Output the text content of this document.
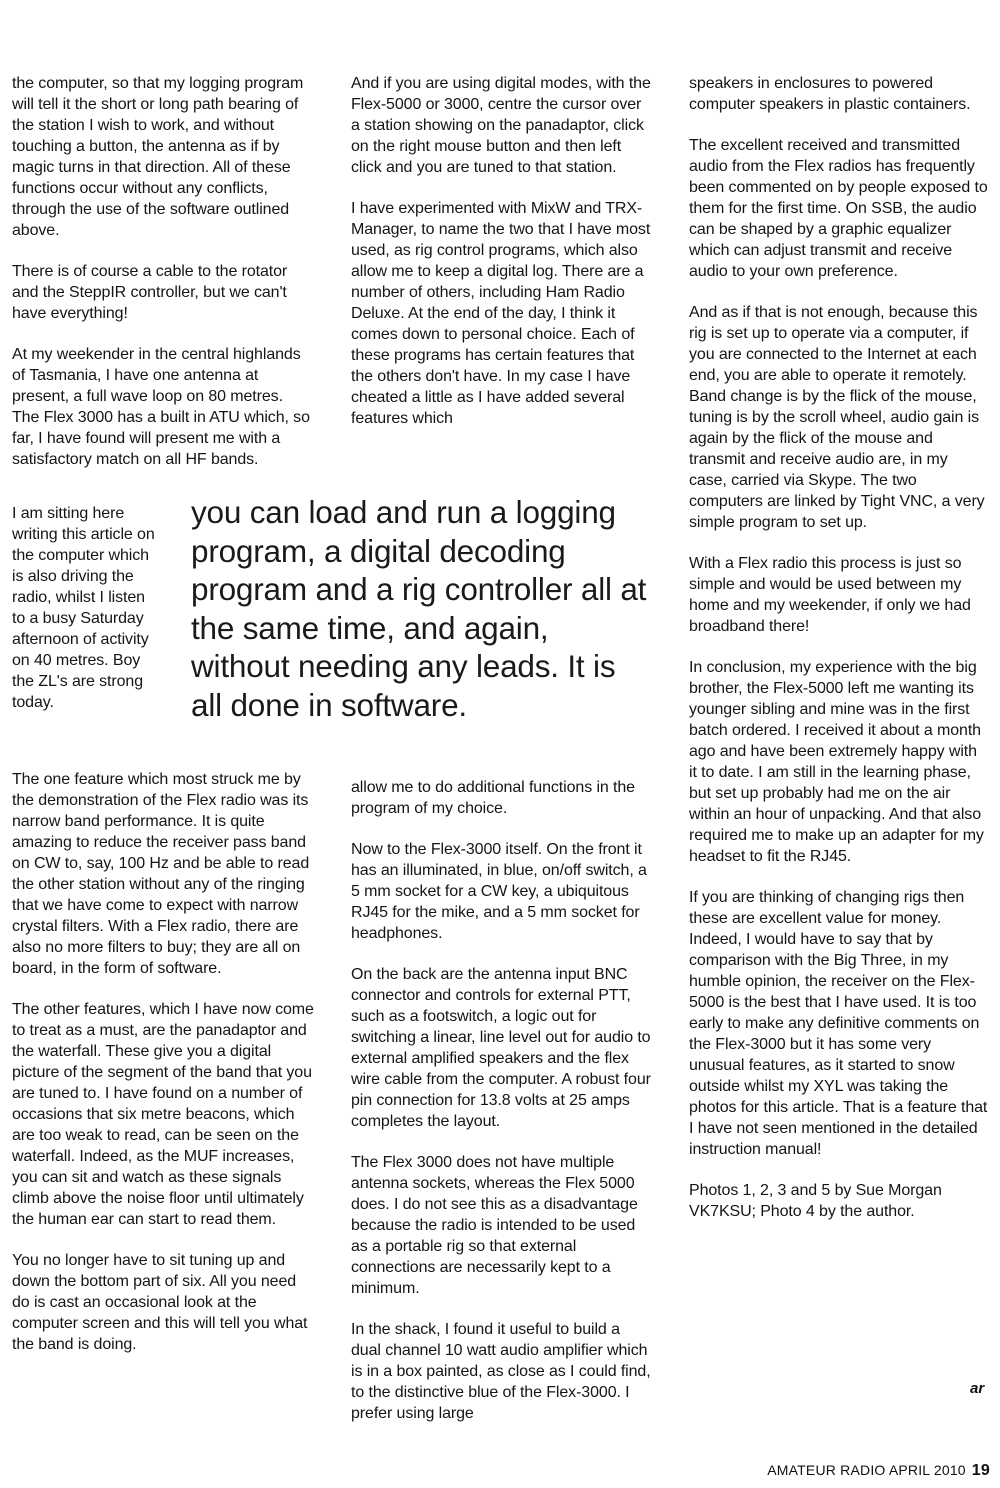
the computer, so that my logging program will tell it the short or long path bearing of the station I wish to work, and without touching a button, the antenna as if by magic turns in that direction. All of these functions occur without any conflicts, through the use of the software outlined above.

There is of course a cable to the rotator and the SteppIR controller, but we can't have everything!

At my weekender in the central highlands of Tasmania, I have one antenna at present, a full wave loop on 80 metres. The Flex 3000 has a built in ATU which, so far, I have found will present me with a satisfactory match on all HF bands.

I am sitting here writing this article on the computer which is also driving the radio, whilst I listen to a busy Saturday afternoon of activity on 40 metres. Boy the ZL's are strong today.

And if you are using digital modes, with the Flex-5000 or 3000, centre the cursor over a station showing on the panadaptor, click on the right mouse button and then left click and you are tuned to that station.

I have experimented with MixW and TRX-Manager, to name the two that I have most used, as rig control programs, which also allow me to keep a digital log. There are a number of others, including Ham Radio Deluxe. At the end of the day, I think it comes down to personal choice. Each of these programs has certain features that the others don't have. In my case I have cheated a little as I have added several features which

you can load and run a logging program, a digital decoding program and a rig controller all at the same time, and again, without needing any leads. It is all done in software.

The one feature which most struck me by the demonstration of the Flex radio was its narrow band performance. It is quite amazing to reduce the receiver pass band on CW to, say, 100 Hz and be able to read the other station without any of the ringing that we have come to expect with narrow crystal filters. With a Flex radio, there are also no more filters to buy; they are all on board, in the form of software.

The other features, which I have now come to treat as a must, are the panadaptor and the waterfall. These give you a digital picture of the segment of the band that you are tuned to. I have found on a number of occasions that six metre beacons, which are too weak to read, can be seen on the waterfall. Indeed, as the MUF increases, you can sit and watch as these signals climb above the noise floor until ultimately the human ear can start to read them.

You no longer have to sit tuning up and down the bottom part of six. All you need do is cast an occasional look at the computer screen and this will tell you what the band is doing.

allow me to do additional functions in the program of my choice.

Now to the Flex-3000 itself. On the front it has an illuminated, in blue, on/off switch, a 5 mm socket for a CW key, a ubiquitous RJ45 for the mike, and a 5 mm socket for headphones.

On the back are the antenna input BNC connector and controls for external PTT, such as a footswitch, a logic out for switching a linear, line level out for audio to external amplified speakers and the flex wire cable from the computer. A robust four pin connection for 13.8 volts at 25 amps completes the layout.

The Flex 3000 does not have multiple antenna sockets, whereas the Flex 5000 does. I do not see this as a disadvantage because the radio is intended to be used as a portable rig so that external connections are necessarily kept to a minimum.

In the shack, I found it useful to build a dual channel 10 watt audio amplifier which is in a box painted, as close as I could find, to the distinctive blue of the Flex-3000. I prefer using large

speakers in enclosures to powered computer speakers in plastic containers.

The excellent received and transmitted audio from the Flex radios has frequently been commented on by people exposed to them for the first time. On SSB, the audio can be shaped by a graphic equalizer which can adjust transmit and receive audio to your own preference.

And as if that is not enough, because this rig is set up to operate via a computer, if you are connected to the Internet at each end, you are able to operate it remotely. Band change is by the flick of the mouse, tuning is by the scroll wheel, audio gain is again by the flick of the mouse and transmit and receive audio are, in my case, carried via Skype. The two computers are linked by Tight VNC, a very simple program to set up.

With a Flex radio this process is just so simple and would be used between my home and my weekender, if only we had broadband there!

In conclusion, my experience with the big brother, the Flex-5000 left me wanting its younger sibling and mine was in the first batch ordered. I received it about a month ago and have been extremely happy with it to date. I am still in the learning phase, but set up probably had me on the air within an hour of unpacking. And that also required me to make up an adapter for my headset to fit the RJ45.

If you are thinking of changing rigs then these are excellent value for money. Indeed, I would have to say that by comparison with the Big Three, in my humble opinion, the receiver on the Flex-5000 is the best that I have used. It is too early to make any definitive comments on the Flex-3000 but it has some very unusual features, as it started to snow outside whilst my XYL was taking the photos for this article. That is a feature that I have not seen mentioned in the detailed instruction manual!

Photos 1, 2, 3 and 5 by Sue Morgan VK7KSU; Photo 4 by the author.

ar
AMATEUR RADIO APRIL 2010 19
